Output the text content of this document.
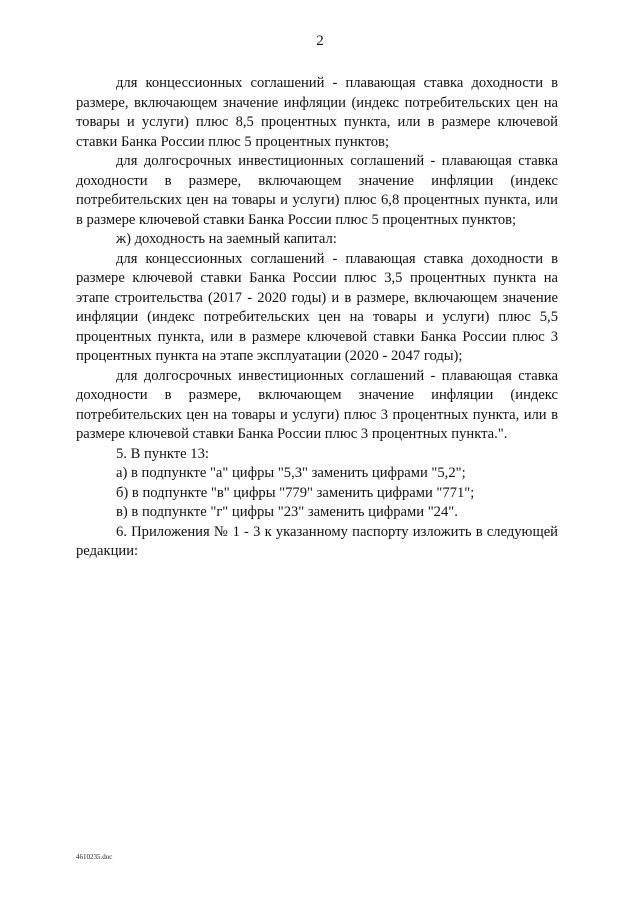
2

для концессионных соглашений - плавающая ставка доходности в размере, включающем значение инфляции (индекс потребительских цен на товары и услуги) плюс 8,5 процентных пункта, или в размере ключевой ставки Банка России плюс 5 процентных пунктов;

для долгосрочных инвестиционных соглашений - плавающая ставка доходности в размере, включающем значение инфляции (индекс потребительских цен на товары и услуги) плюс 6,8 процентных пункта, или в размере ключевой ставки Банка России плюс 5 процентных пунктов;

ж) доходность на заемный капитал:

для концессионных соглашений - плавающая ставка доходности в размере ключевой ставки Банка России плюс 3,5 процентных пункта на этапе строительства (2017 - 2020 годы) и в размере, включающем значение инфляции (индекс потребительских цен на товары и услуги) плюс 5,5 процентных пункта, или в размере ключевой ставки Банка России плюс 3 процентных пункта на этапе эксплуатации (2020 - 2047 годы);

для долгосрочных инвестиционных соглашений - плавающая ставка доходности в размере, включающем значение инфляции (индекс потребительских цен на товары и услуги) плюс 3 процентных пункта, или в размере ключевой ставки Банка России плюс 3 процентных пункта.".

5. В пункте 13:

а) в подпункте "а" цифры "5,3" заменить цифрами "5,2";

б) в подпункте "в" цифры "779" заменить цифрами "771";

в) в подпункте "г" цифры "23" заменить цифрами "24".

6. Приложения № 1 - 3 к указанному паспорту изложить в следующей редакции:

4610235.doc
